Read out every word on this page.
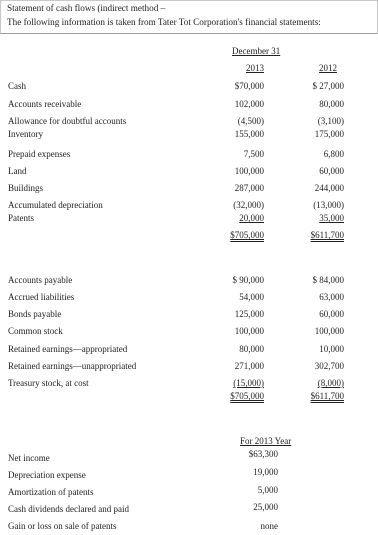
Statement of cash flows (indirect method –
The following information is taken from Tater Tot Corporation's financial statements:
December 31
2013	2012
Cash	$70,000	$ 27,000
Accounts receivable	102,000	80,000
Allowance for doubtful accounts	(4,500)	(3,100)
Inventory	155,000	175,000
Prepaid expenses	7,500	6,800
Land	100,000	60,000
Buildings	287,000	244,000
Accumulated depreciation	(32,000)	(13,000)
Patents	20,000	35,000
$705,000	$611,700
Accounts payable	$ 90,000	$ 84,000
Accrued liabilities	54,000	63,000
Bonds payable	125,000	60,000
Common stock	100,000	100,000
Retained earnings—appropriated	80,000	10,000
Retained earnings—unappropriated	271,000	302,700
Treasury stock, at cost	(15,000)	(8,000)
$705,000	$611,700
For 2013 Year
Net income	$63,300
Depreciation expense	19,000
Amortization of patents	5,000
Cash dividends declared and paid	25,000
Gain or loss on sale of patents	none
